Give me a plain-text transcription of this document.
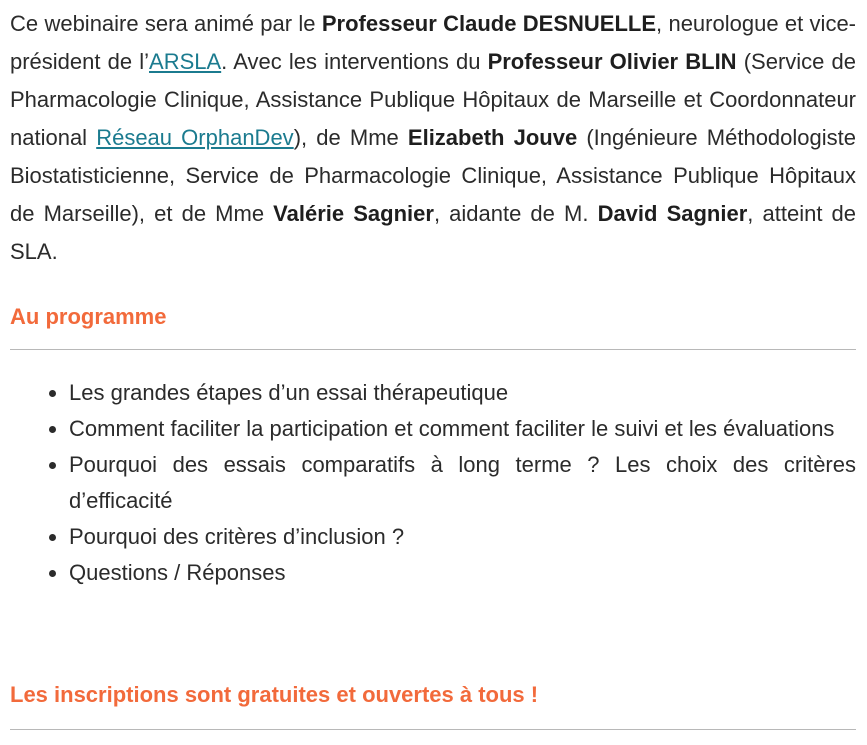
Ce webinaire sera animé par le Professeur Claude DESNUELLE, neurologue et vice-président de l’ARSLA. Avec les interventions du Professeur Olivier BLIN (Service de Pharmacologie Clinique, Assistance Publique Hôpitaux de Marseille et Coordonnateur national Réseau OrphanDev), de Mme Elizabeth Jouve (Ingénieure Méthodologiste Biostatisticienne, Service de Pharmacologie Clinique, Assistance Publique Hôpitaux de Marseille), et de Mme Valérie Sagnier, aidante de M. David Sagnier, atteint de SLA.

Au programme
• Les grandes étapes d’un essai thérapeutique
• Comment faciliter la participation et comment faciliter le suivi et les évaluations
• Pourquoi des essais comparatifs à long terme ? Les choix des critères d’efficacité
• Pourquoi des critères d’inclusion ?
• Questions / Réponses
Les inscriptions sont gratuites et ouvertes à tous !
